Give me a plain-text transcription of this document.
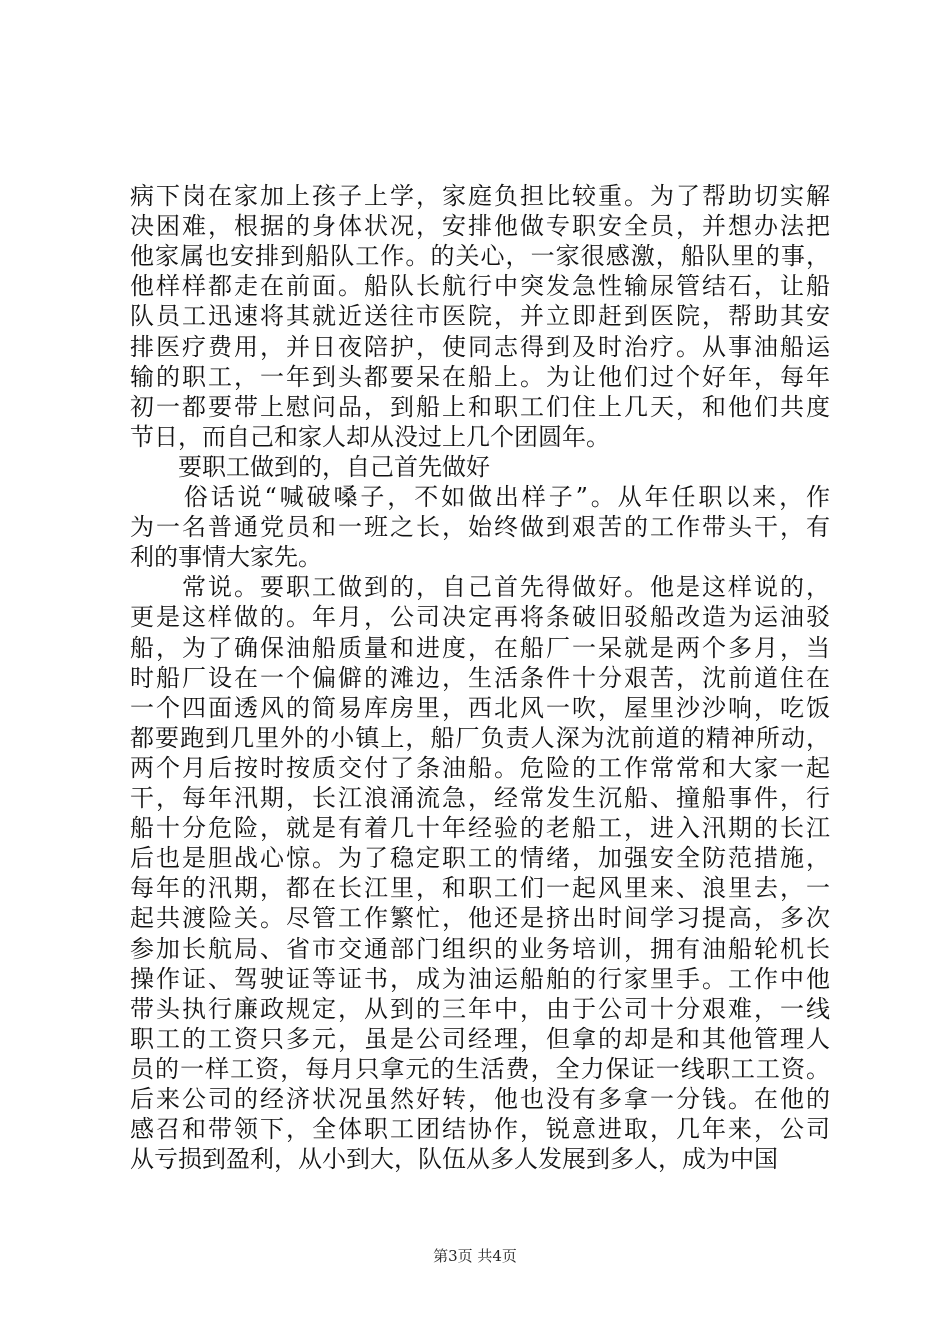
病下岗在家加上孩子上学，家庭负担比较重。为了帮助切实解
决困难，根据的身体状况，安排他做专职安全员，并想办法把
他家属也安排到船队工作。的关心，一家很感激，船队里的事，
他样样都走在前面。船队长航行中突发急性输尿管结石，让船
队员工迅速将其就近送往市医院，并立即赶到医院，帮助其安
排医疗费用，并日夜陪护，使同志得到及时治疗。从事油船运
输的职工，一年到头都要呆在船上。为让他们过个好年，每年
初一都要带上慰问品，到船上和职工们住上几天，和他们共度
节日，而自己和家人却从没过上几个团圆年。
　　要职工做到的，自己首先做好
　　俗话说“喊破嗓子，不如做出样子”。从年任职以来，作
为一名普通党员和一班之长，始终做到艰苦的工作带头干，有
利的事情大家先。
　　常说。要职工做到的，自己首先得做好。他是这样说的，
更是这样做的。年月，公司决定再将条破旧驳船改造为运油驳
船，为了确保油船质量和进度，在船厂一呆就是两个多月，当
时船厂设在一个偏僻的滩边，生活条件十分艰苦，沈前道住在
一个四面透风的简易库房里，西北风一吹，屋里沙沙响，吃饭
都要跑到几里外的小镇上，船厂负责人深为沈前道的精神所动，
两个月后按时按质交付了条油船。危险的工作常常和大家一起
干，每年汛期，长江浪涌流急，经常发生沉船、撞船事件，行
船十分危险，就是有着几十年经验的老船工，进入汛期的长江
后也是胆战心惊。为了稳定职工的情绪，加强安全防范措施，
每年的汛期，都在长江里，和职工们一起风里来、浪里去，一
起共渡险关。尽管工作繁忙，他还是挤出时间学习提高，多次
参加长航局、省市交通部门组织的业务培训，拥有油船轮机长
操作证、驾驶证等证书，成为油运船舶的行家里手。工作中他
带头执行廉政规定，从到的三年中，由于公司十分艰难，一线
职工的工资只多元，虽是公司经理，但拿的却是和其他管理人
员的一样工资，每月只拿元的生活费，全力保证一线职工工资。
后来公司的经济状况虽然好转，他也没有多拿一分钱。在他的
感召和带领下，全体职工团结协作，锐意进取，几年来，公司
从亏损到盈利，从小到大，队伍从多人发展到多人，成为中国
第3页 共4页
